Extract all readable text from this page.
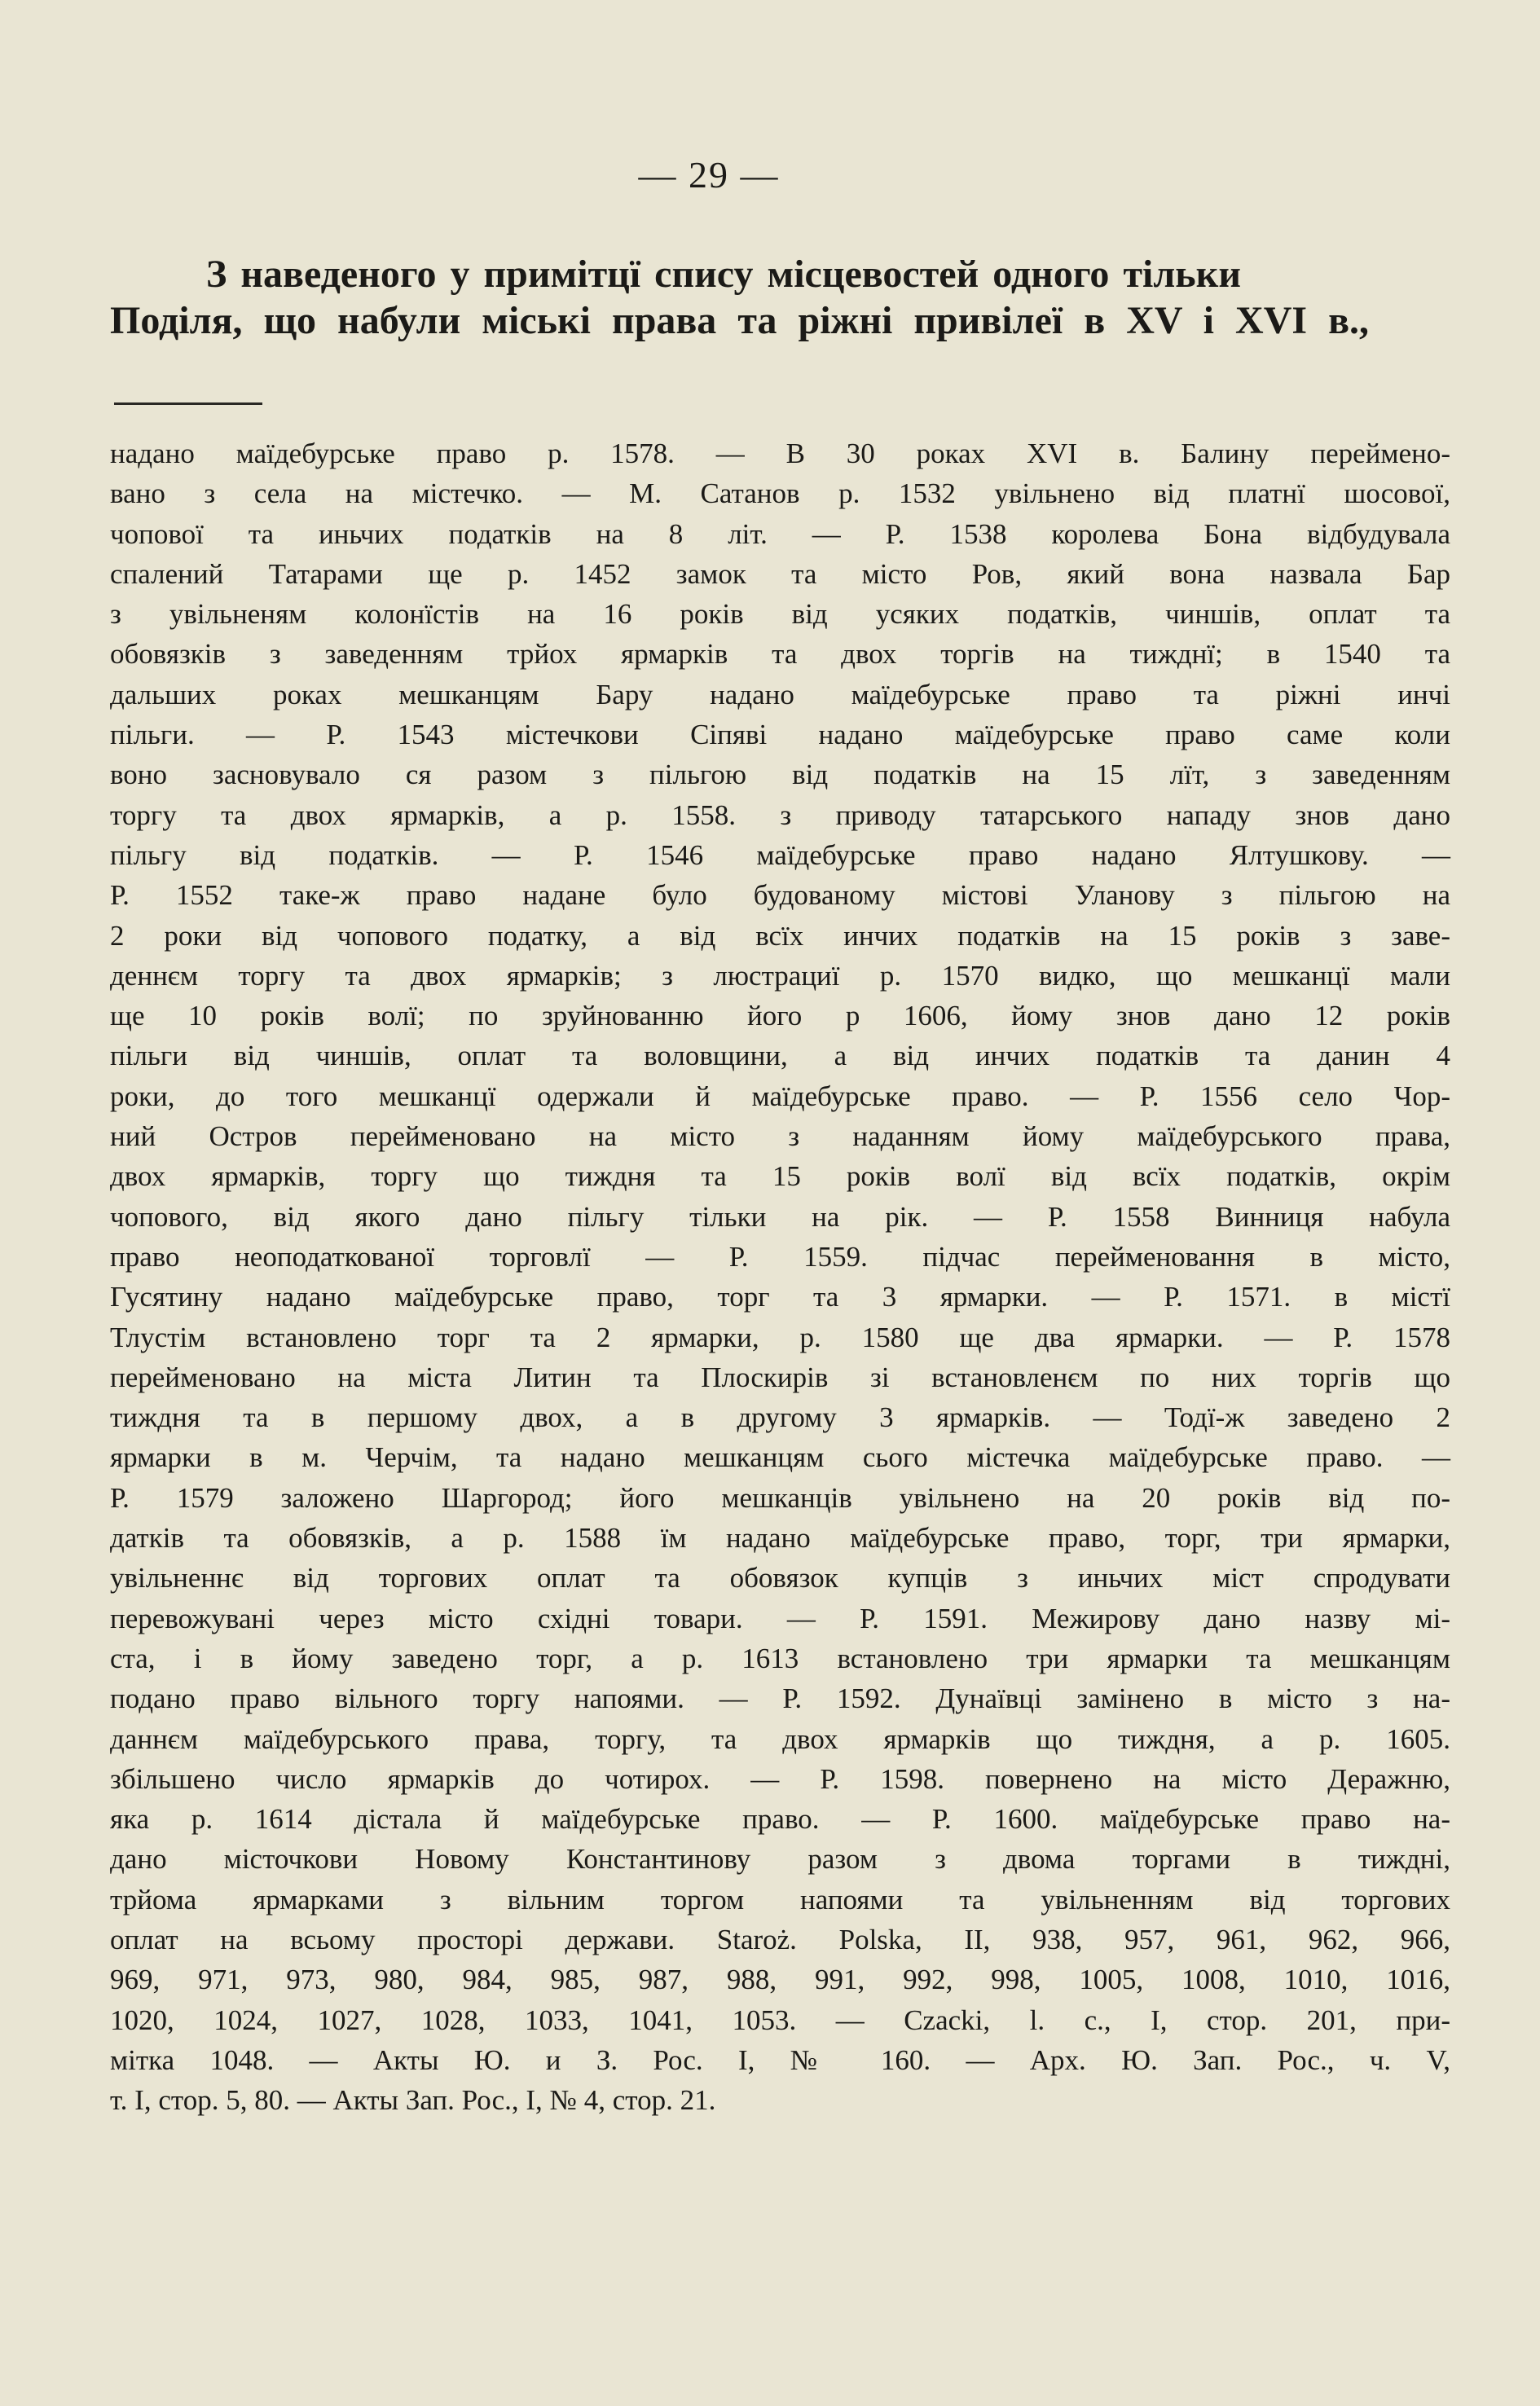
— 29 —
З наведеного у примітцї спису місцевостей одного тільки
Поділя, що набули міські права та ріжні привілеї в XV і XVI в.,
надано маїдебурське право р. 1578. — В 30 роках XVI в. Балину перейменo-
вано з села на містечко. — М. Сатанов р. 1532 увільнено від платнї шосової,
чопової та иньчих податків на 8 літ. — Р. 1538 королева Бона відбудувала
спалений Татарами ще р. 1452 замок та місто Ров, який вона назвала Бар
з увільненям колонїстів на 16 років від усяких податків, чиншів, оплат та
обовязків з заведенням трйох ярмарків та двох торгів на тижднї; в 1540 та
дальших роках мешканцям Бару надано маїдебурське право та ріжні инчі
пільги. — Р. 1543 містечкови Сіпяві надано маїдебурське право саме коли
воно засновувало ся разом з пільгою від податків на 15 лїт, з заведенням
торгу та двох ярмарків, а р. 1558. з приводу татарського нападу знов дано
пільгу від податків. — Р. 1546 маїдебурське право надано Ялтушкову. —
Р. 1552 таке-ж право надане було будованому містові Уланову з пільгою на
2 роки від чопового податку, а від всїх инчих податків на 15 років з заве-
деннєм торгу та двох ярмарків; з люстрациї р. 1570 видко, що мешканцї мали
ще 10 років волї; по зруйнованню його р 1606, йому знов дано 12 років
пільги від чиншів, оплат та воловщини, а від инчих податків та данин 4
роки, до того мешканцї одержали й маїдебурське право. — Р. 1556 село Чор-
ний Остров перейменовано на місто з наданням йому маїдебурського права,
двох ярмарків, торгу що тиждня та 15 років волї від всїх податків, окрім
чопового, від якого дано пільгу тільки на рік. — Р. 1558 Винниця набула
право неоподаткованої торговлї — Р. 1559. підчас перейменовання в місто,
Гусятину надано маїдебурське право, торг та 3 ярмарки. — Р. 1571. в містї
Тлустім встановлено торг та 2 ярмарки, р. 1580 ще два ярмарки. — Р. 1578
перейменовано на міста Литин та Плоскирів зі встановленєм по них торгів що
тиждня та в першому двох, а в другому 3 ярмарків. — Тодї-ж заведено 2
ярмарки в м. Черчім, та надано мешканцям сього містечка маїдебурське право. —
Р. 1579 заложено Шаргород; його мешканців увільнено на 20 років від по-
датків та обовязків, а р. 1588 їм надано маїдебурське право, торг, три ярмарки,
увільненнє від торгових оплат та обовязок купців з иньчих міст спродувати
перевожувані через місто східні товари. — Р. 1591. Межирову дано назву мі-
ста, і в йому заведено торг, а р. 1613 встановлено три ярмарки та мешканцям
подано право вільного торгу напоями. — Р. 1592. Дунаївці замінено в місто з на-
даннєм маїдебурського права, торгу, та двох ярмарків що тиждня, а р. 1605.
збільшено число ярмарків до чотирох. — Р. 1598. повернено на місто Деражню,
яка р. 1614 дістала й маїдебурське право. — Р. 1600. маїдебурське право на-
дано місточкови Новому Константинову разом з двома торгами в тиждні,
трйома ярмарками з вільним торгом напоями та увільненням від торгових
оплат на всьому просторі держави. Staroż. Polska, II, 938, 957, 961, 962, 966,
969, 971, 973, 980, 984, 985, 987, 988, 991, 992, 998, 1005, 1008, 1010, 1016,
1020, 1024, 1027, 1028, 1033, 1041, 1053. — Czacki, l. c., I, стор. 201, при-
мітка 1048. — Акты Ю. и З. Рос. I, № 160. — Арх. Ю. Зап. Рос., ч. V,
т. I, стор. 5, 80. — Акты Зап. Рос., I, № 4, стор. 21.
